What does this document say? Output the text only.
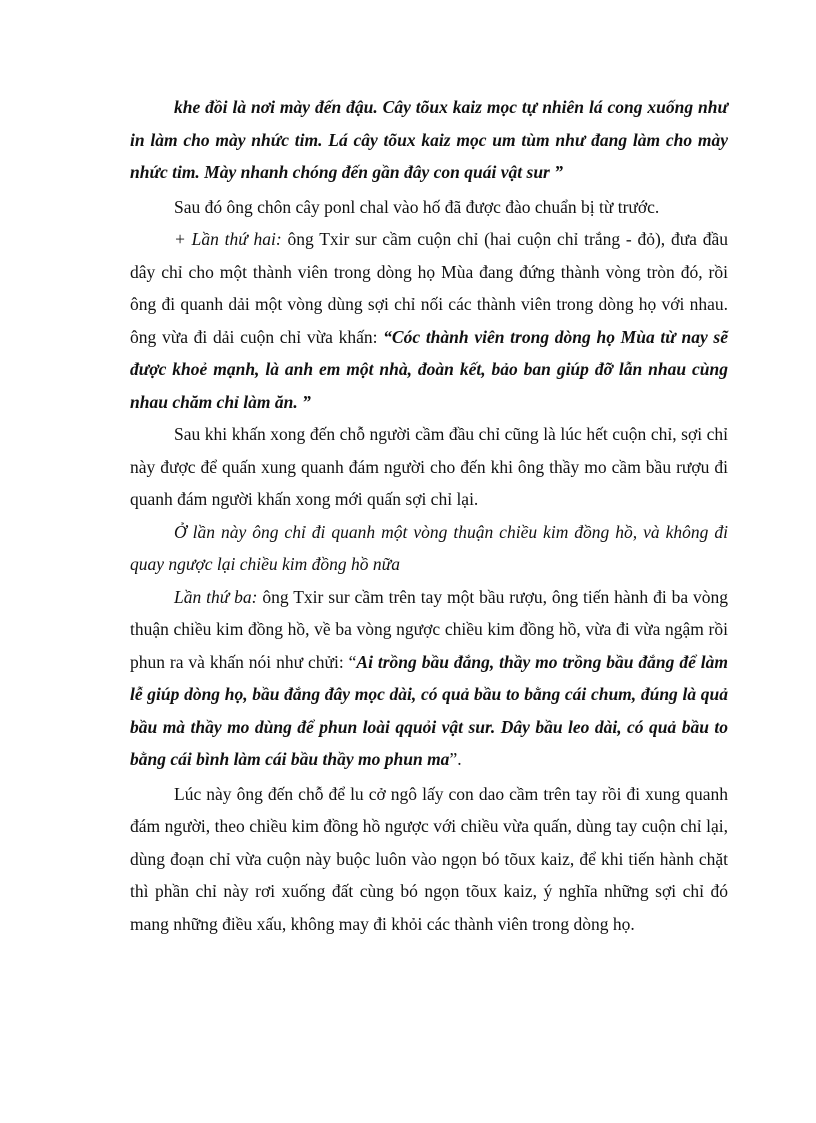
khe đồi là nơi mày đến đậu. Cây tõux kaiz mọc tự nhiên lá cong xuống như in làm cho mày nhức tim. Lá cây tõux kaiz mọc um tùm như đang làm cho mày nhức tim. Mày nhanh chóng đến gần đây con quái vật sur ”

Sau đó ông chôn cây ponl chal vào hố đã được đào chuẩn bị từ trước.

+ Lần thứ hai: ông Txir sur cầm cuộn chỉ (hai cuộn chỉ trắng - đỏ), đưa đầu dây chỉ cho một thành viên trong dòng họ Mùa đang đứng thành vòng tròn đó, rồi ông đi quanh dải một vòng dùng sợi chỉ nối các thành viên trong dòng họ với nhau. ông vừa đi dải cuộn chỉ vừa khấn: “Cóc thành viên trong dòng họ Mùa từ nay sẽ được khoẻ mạnh, là anh em một nhà, đoàn kết, bảo ban giúp đỡ lẫn nhau cùng nhau chăm chỉ làm ăn. ”

Sau khi khấn xong đến chỗ người cầm đầu chỉ cũng là lúc hết cuộn chỉ, sợi chỉ này được để quấn xung quanh đám người cho đến khi ông thầy mo cầm bầu rượu đi quanh đám người khấn xong mới quấn sợi chỉ lại.

Ở lần này ông chỉ đi quanh một vòng thuận chiều kim đồng hồ, và không đi quay ngược lại chiều kim đồng hồ nữa

Lần thứ ba: ông Txir sur cầm trên tay một bầu rượu, ông tiến hành đi ba vòng thuận chiều kim đồng hồ, về ba vòng ngược chiều kim đồng hồ, vừa đi vừa ngậm rồi phun ra và khấn nói như chửi: “Ai trồng bầu đắng, thầy mo trồng bầu đắng để làm lễ giúp dòng họ, bầu đắng đây mọc dài, có quả bầu to bằng cái chum, đúng là quả bầu mà thầy mo dùng để phun loài qquỏi vật sur. Dây bầu leo dài, có quả bầu to bằng cái bình làm cái bầu thầy mo phun ma”.

Lúc này ông đến chỗ để lu cở ngô lấy con dao cầm trên tay rồi đi xung quanh đám người, theo chiều kim đồng hồ ngược với chiều vừa quấn, dùng tay cuộn chỉ lại, dùng đoạn chỉ vừa cuộn này buộc luôn vào ngọn bó tõux kaiz, để khi tiến hành chặt thì phần chỉ này rơi xuống đất cùng bó ngọn tõux kaiz, ý nghĩa những sợi chỉ đó mang những điều xấu, không may đi khỏi các thành viên trong dòng họ.
